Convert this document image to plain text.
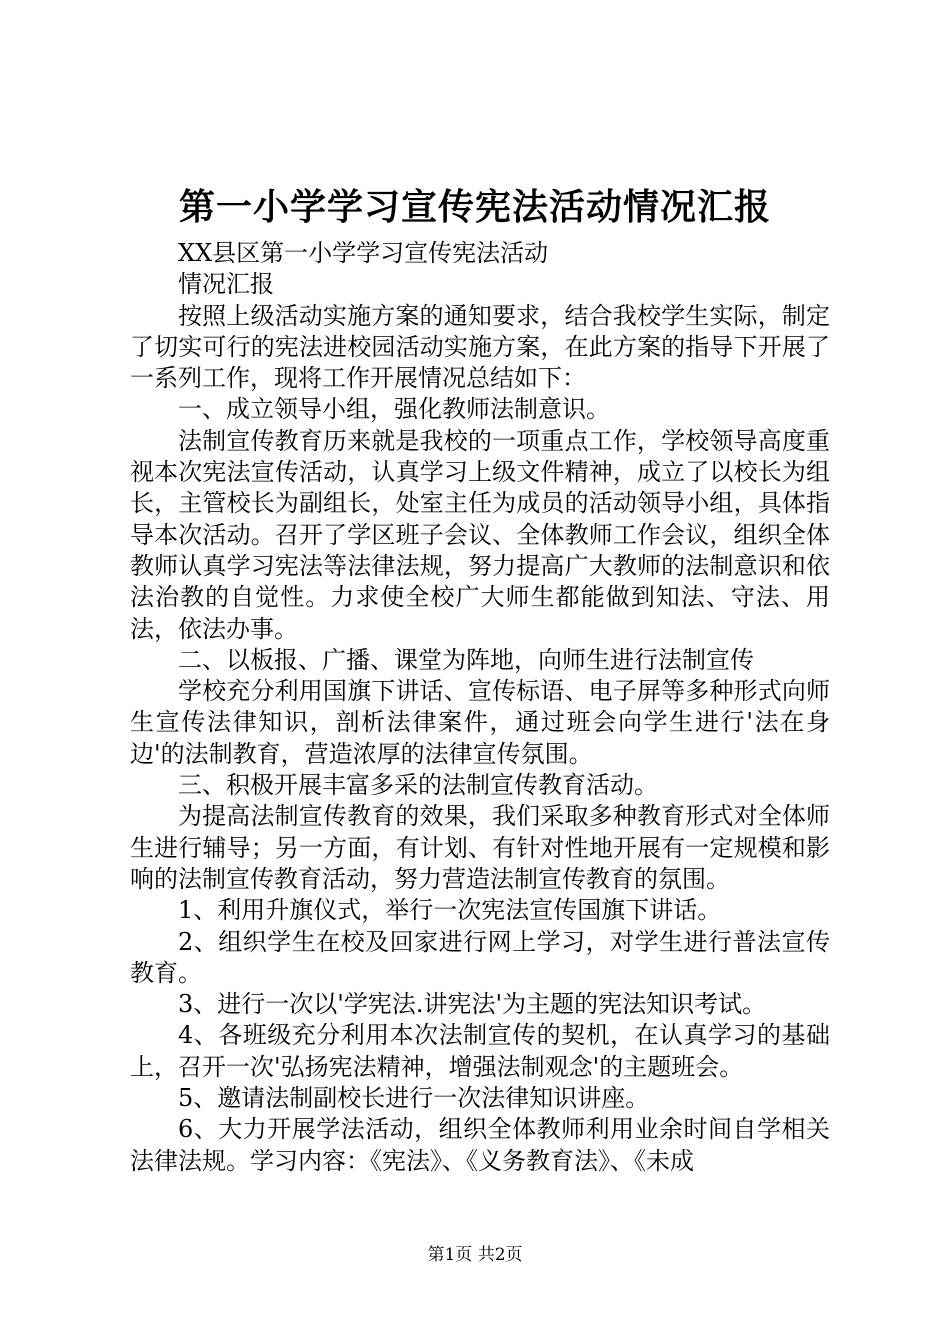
第一小学学习宣传宪法活动情况汇报

XX县区第一小学学习宣传宪法活动

情况汇报

按照上级活动实施方案的通知要求，结合我校学生实际，制定了切实可行的宪法进校园活动实施方案，在此方案的指导下开展了一系列工作，现将工作开展情况总结如下：

一、成立领导小组，强化教师法制意识。

法制宣传教育历来就是我校的一项重点工作，学校领导高度重视本次宪法宣传活动，认真学习上级文件精神，成立了以校长为组长，主管校长为副组长，处室主任为成员的活动领导小组，具体指导本次活动。召开了学区班子会议、全体教师工作会议，组织全体教师认真学习宪法等法律法规，努力提高广大教师的法制意识和依法治教的自觉性。力求使全校广大师生都能做到知法、守法、用法，依法办事。

二、以板报、广播、课堂为阵地，向师生进行法制宣传

学校充分利用国旗下讲话、宣传标语、电子屏等多种形式向师生宣传法律知识，剖析法律案件，通过班会向学生进行'法在身边'的法制教育，营造浓厚的法律宣传氛围。

三、积极开展丰富多采的法制宣传教育活动。

为提高法制宣传教育的效果，我们采取多种教育形式对全体师生进行辅导；另一方面，有计划、有针对性地开展有一定规模和影响的法制宣传教育活动，努力营造法制宣传教育的氛围。

1、利用升旗仪式，举行一次宪法宣传国旗下讲话。

2、组织学生在校及回家进行网上学习，对学生进行普法宣传教育。

3、进行一次以'学宪法.讲宪法'为主题的宪法知识考试。

4、各班级充分利用本次法制宣传的契机，在认真学习的基础上，召开一次'弘扬宪法精神，增强法制观念'的主题班会。

5、邀请法制副校长进行一次法律知识讲座。

6、大力开展学法活动，组织全体教师利用业余时间自学相关法律法规。学习内容：《宪法》、《义务教育法》、《未成

第1页 共2页
